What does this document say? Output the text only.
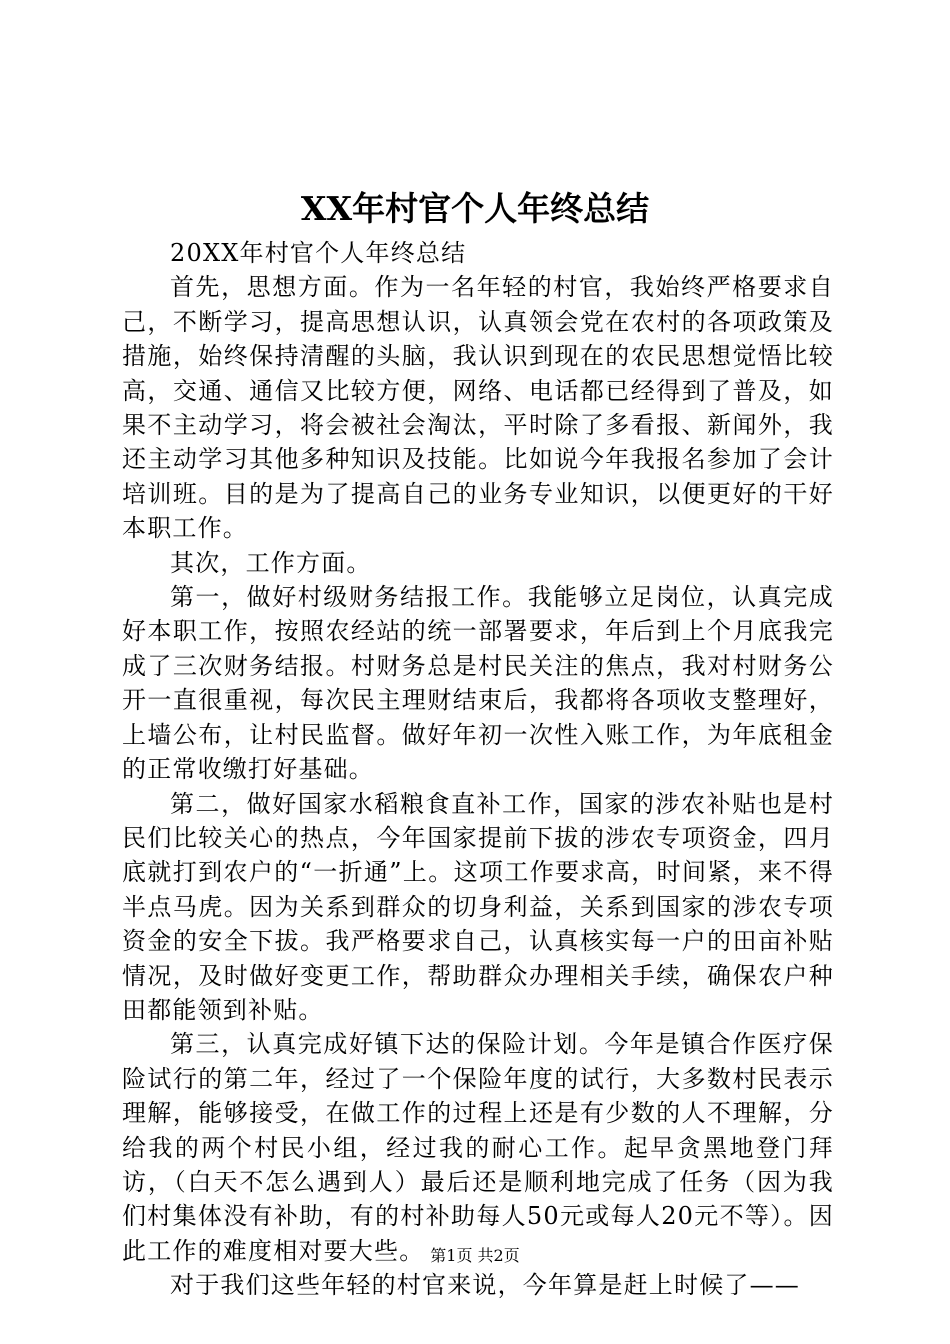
XX年村官个人年终总结

20XX年村官个人年终总结

首先，思想方面。作为一名年轻的村官，我始终严格要求自己，不断学习，提高思想认识，认真领会党在农村的各项政策及措施，始终保持清醒的头脑，我认识到现在的农民思想觉悟比较高，交通、通信又比较方便，网络、电话都已经得到了普及，如果不主动学习，将会被社会淘汰，平时除了多看报、新闻外，我还主动学习其他多种知识及技能。比如说今年我报名参加了会计培训班。目的是为了提高自己的业务专业知识，以便更好的干好本职工作。

其次，工作方面。

第一，做好村级财务结报工作。我能够立足岗位，认真完成好本职工作，按照农经站的统一部署要求，年后到上个月底我完成了三次财务结报。村财务总是村民关注的焦点，我对村财务公开一直很重视，每次民主理财结束后，我都将各项收支整理好，上墙公布，让村民监督。做好年初一次性入账工作，为年底租金的正常收缴打好基础。

第二，做好国家水稻粮食直补工作，国家的涉农补贴也是村民们比较关心的热点，今年国家提前下拔的涉农专项资金，四月底就打到农户的“一折通”上。这项工作要求高，时间紧，来不得半点马虎。因为关系到群众的切身利益，关系到国家的涉农专项资金的安全下拔。我严格要求自己，认真核实每一户的田亩补贴情况，及时做好变更工作，帮助群众办理相关手续，确保农户种田都能领到补贴。

第三，认真完成好镇下达的保险计划。今年是镇合作医疗保险试行的第二年，经过了一个保险年度的试行，大多数村民表示理解，能够接受，在做工作的过程上还是有少数的人不理解，分给我的两个村民小组，经过我的耐心工作。起早贪黑地登门拜访，（白天不怎么遇到人）最后还是顺利地完成了任务（因为我们村集体没有补助，有的村补助每人50元或每人20元不等）。因此工作的难度相对要大些。

对于我们这些年轻的村官来说，今年算是赶上时候了——

第1页 共2页
